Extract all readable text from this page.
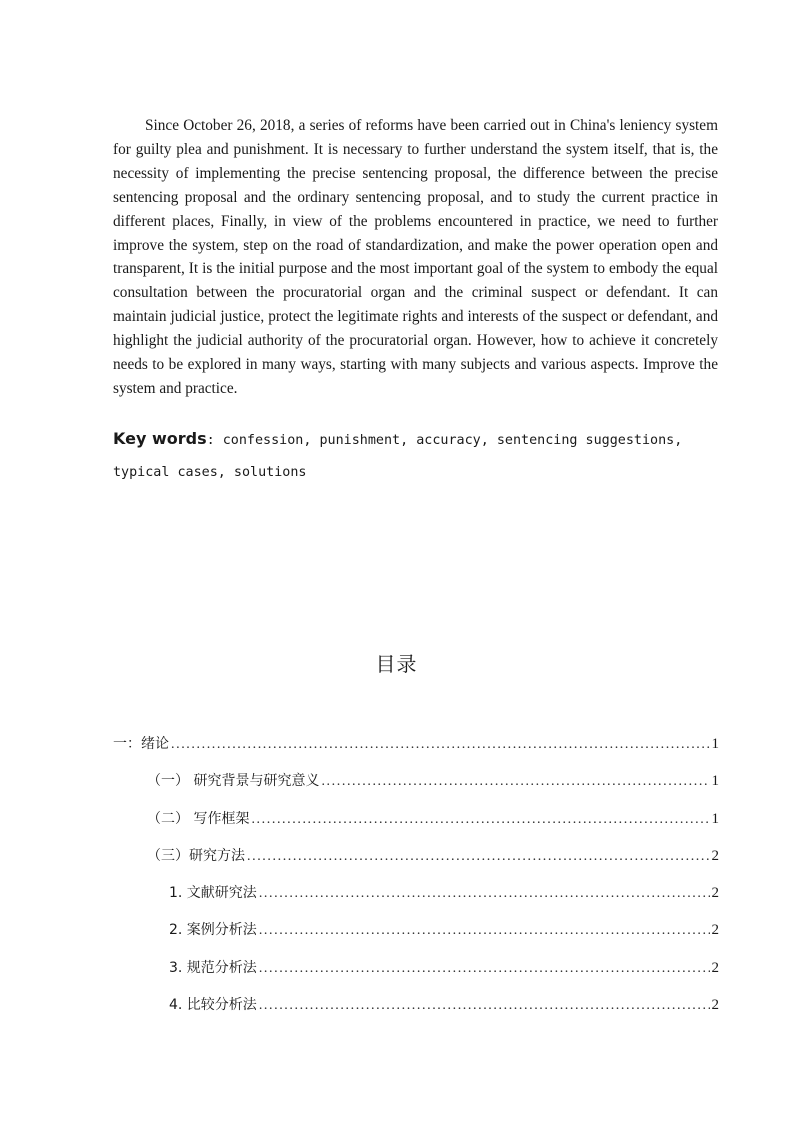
Since October 26, 2018, a series of reforms have been carried out in China's leniency system for guilty plea and punishment. It is necessary to further understand the system itself, that is, the necessity of implementing the precise sentencing proposal, the difference between the precise sentencing proposal and the ordinary sentencing proposal, and to study the current practice in different places, Finally, in view of the problems encountered in practice, we need to further improve the system, step on the road of standardization, and make the power operation open and transparent, It is the initial purpose and the most important goal of the system to embody the equal consultation between the procuratorial organ and the criminal suspect or defendant. It can maintain judicial justice, protect the legitimate rights and interests of the suspect or defendant, and highlight the judicial authority of the procuratorial organ. However, how to achieve it concretely needs to be explored in many ways, starting with many subjects and various aspects. Improve the system and practice.

Key words: confession, punishment, accuracy, sentencing suggestions, typical cases, solutions

目录
一：绪论 .....	1
（一） 研究背景与研究意义 .....	1
（二） 写作框架 .....	1
（三）研究方法 .....	2
1. 文献研究法 .....	2
2. 案例分析法 .....	2
3. 规范分析法 .....	2
4. 比较分析法 .....	2
